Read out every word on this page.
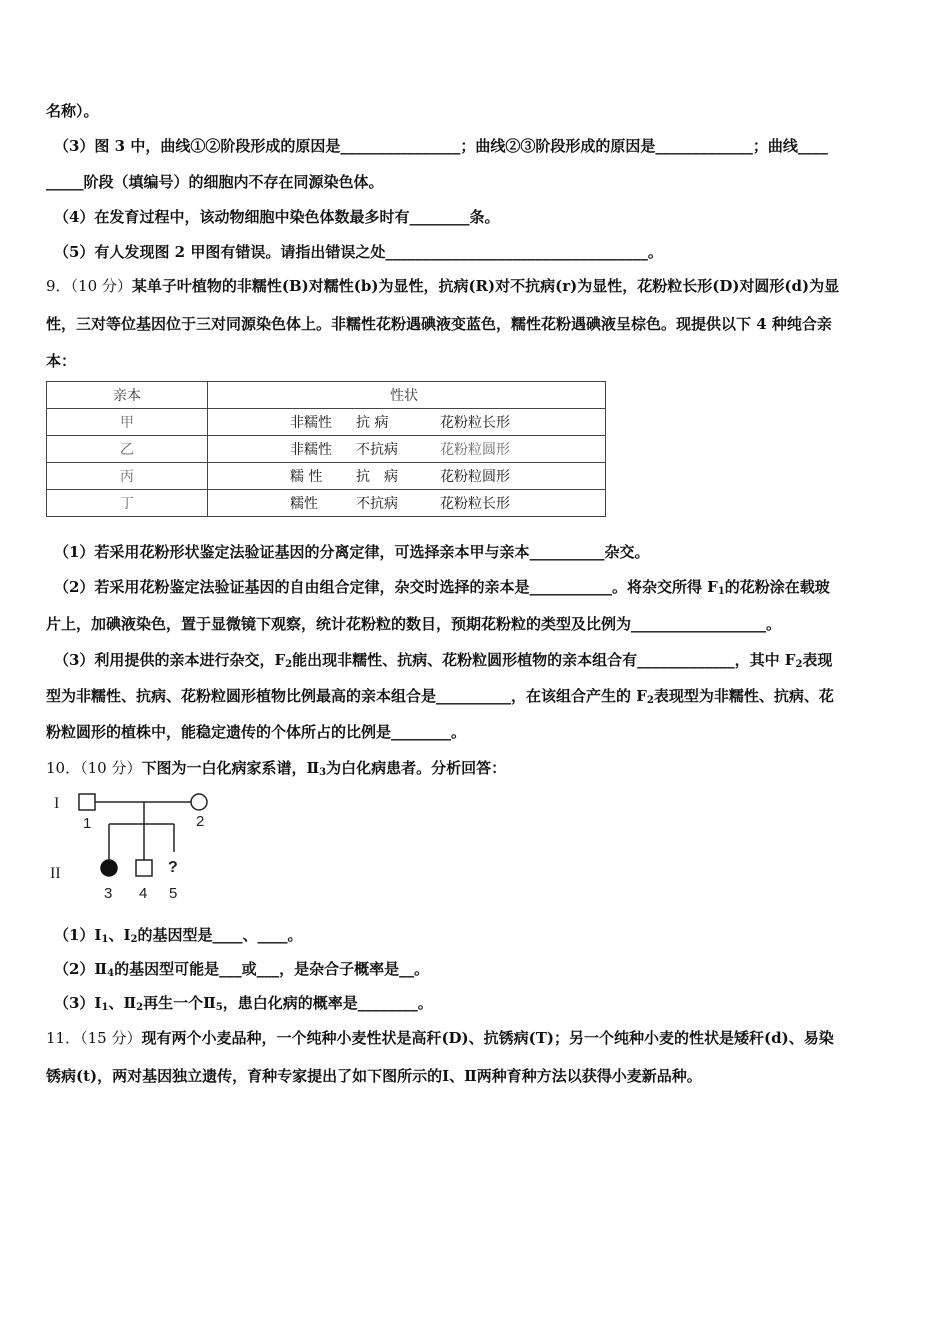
名称）。
（3）图 3 中，曲线①②阶段形成的原因是________________；曲线②③阶段形成的原因是_____________；曲线____
_____阶段（填编号）的细胞内不存在同源染色体。
（4）在发育过程中，该动物细胞中染色体数最多时有________条。
（5）有人发现图 2 甲图有错误。请指出错误之处___________________________________。
9．（10 分）某单子叶植物的非糯性(B)对糯性(b)为显性，抗病(R)对不抗病(r)为显性，花粉粒长形(D)对圆形(d)为显
性，三对等位基因位于三对同源染色体上。非糯性花粉遇碘液变蓝色，糯性花粉遇碘液呈棕色。现提供以下 4 种纯合亲
本：
亲本	性状
甲	非糯性 抗 病 花粉粒长形
乙	非糯性 不抗病 花粉粒圆形
丙	糯 性 抗　病 花粉粒圆形
丁	糯性 不抗病 花粉粒长形
（1）若采用花粉形状鉴定法验证基因的分离定律，可选择亲本甲与亲本__________杂交。
（2）若采用花粉鉴定法验证基因的自由组合定律，杂交时选择的亲本是___________。将杂交所得 $F_1$的花粉涂在载玻
片上，加碘液染色，置于显微镜下观察，统计花粉粒的数目，预期花粉粒的类型及比例为__________________。
（3）利用提供的亲本进行杂交，$F_2$能出现非糯性、抗病、花粉粒圆形植物的亲本组合有_____________，其中 $F_2$表现
型为非糯性、抗病、花粉粒圆形植物比例最高的亲本组合是__________，在该组合产生的 $F_2$表现型为非糯性、抗病、花
粉粒圆形的植株中，能稳定遗传的个体所占的比例是________。
10．（10 分）下图为一白化病家系谱，$Ⅱ_3$为白化病患者。分析回答：
I
II	?
1	2
3 4 5
$(1)Ⅰ_1$、$Ⅰ_2$的基因型是____、____。
$(2)Ⅱ_4$的基因型可能是___或___，是杂合子概率是__。
$(3)Ⅰ_1$、$Ⅱ_2$再生一个$Ⅱ_5$，患白化病的概率是________。
11．（15 分）现有两个小麦品种，一个纯种小麦性状是高秆(D)、抗锈病(T)；另一个纯种小麦的性状是矮秆(d)、易染
锈病(t)，两对基因独立遗传，育种专家提出了如下图所示的Ⅰ、Ⅱ两种育种方法以获得小麦新品种。
